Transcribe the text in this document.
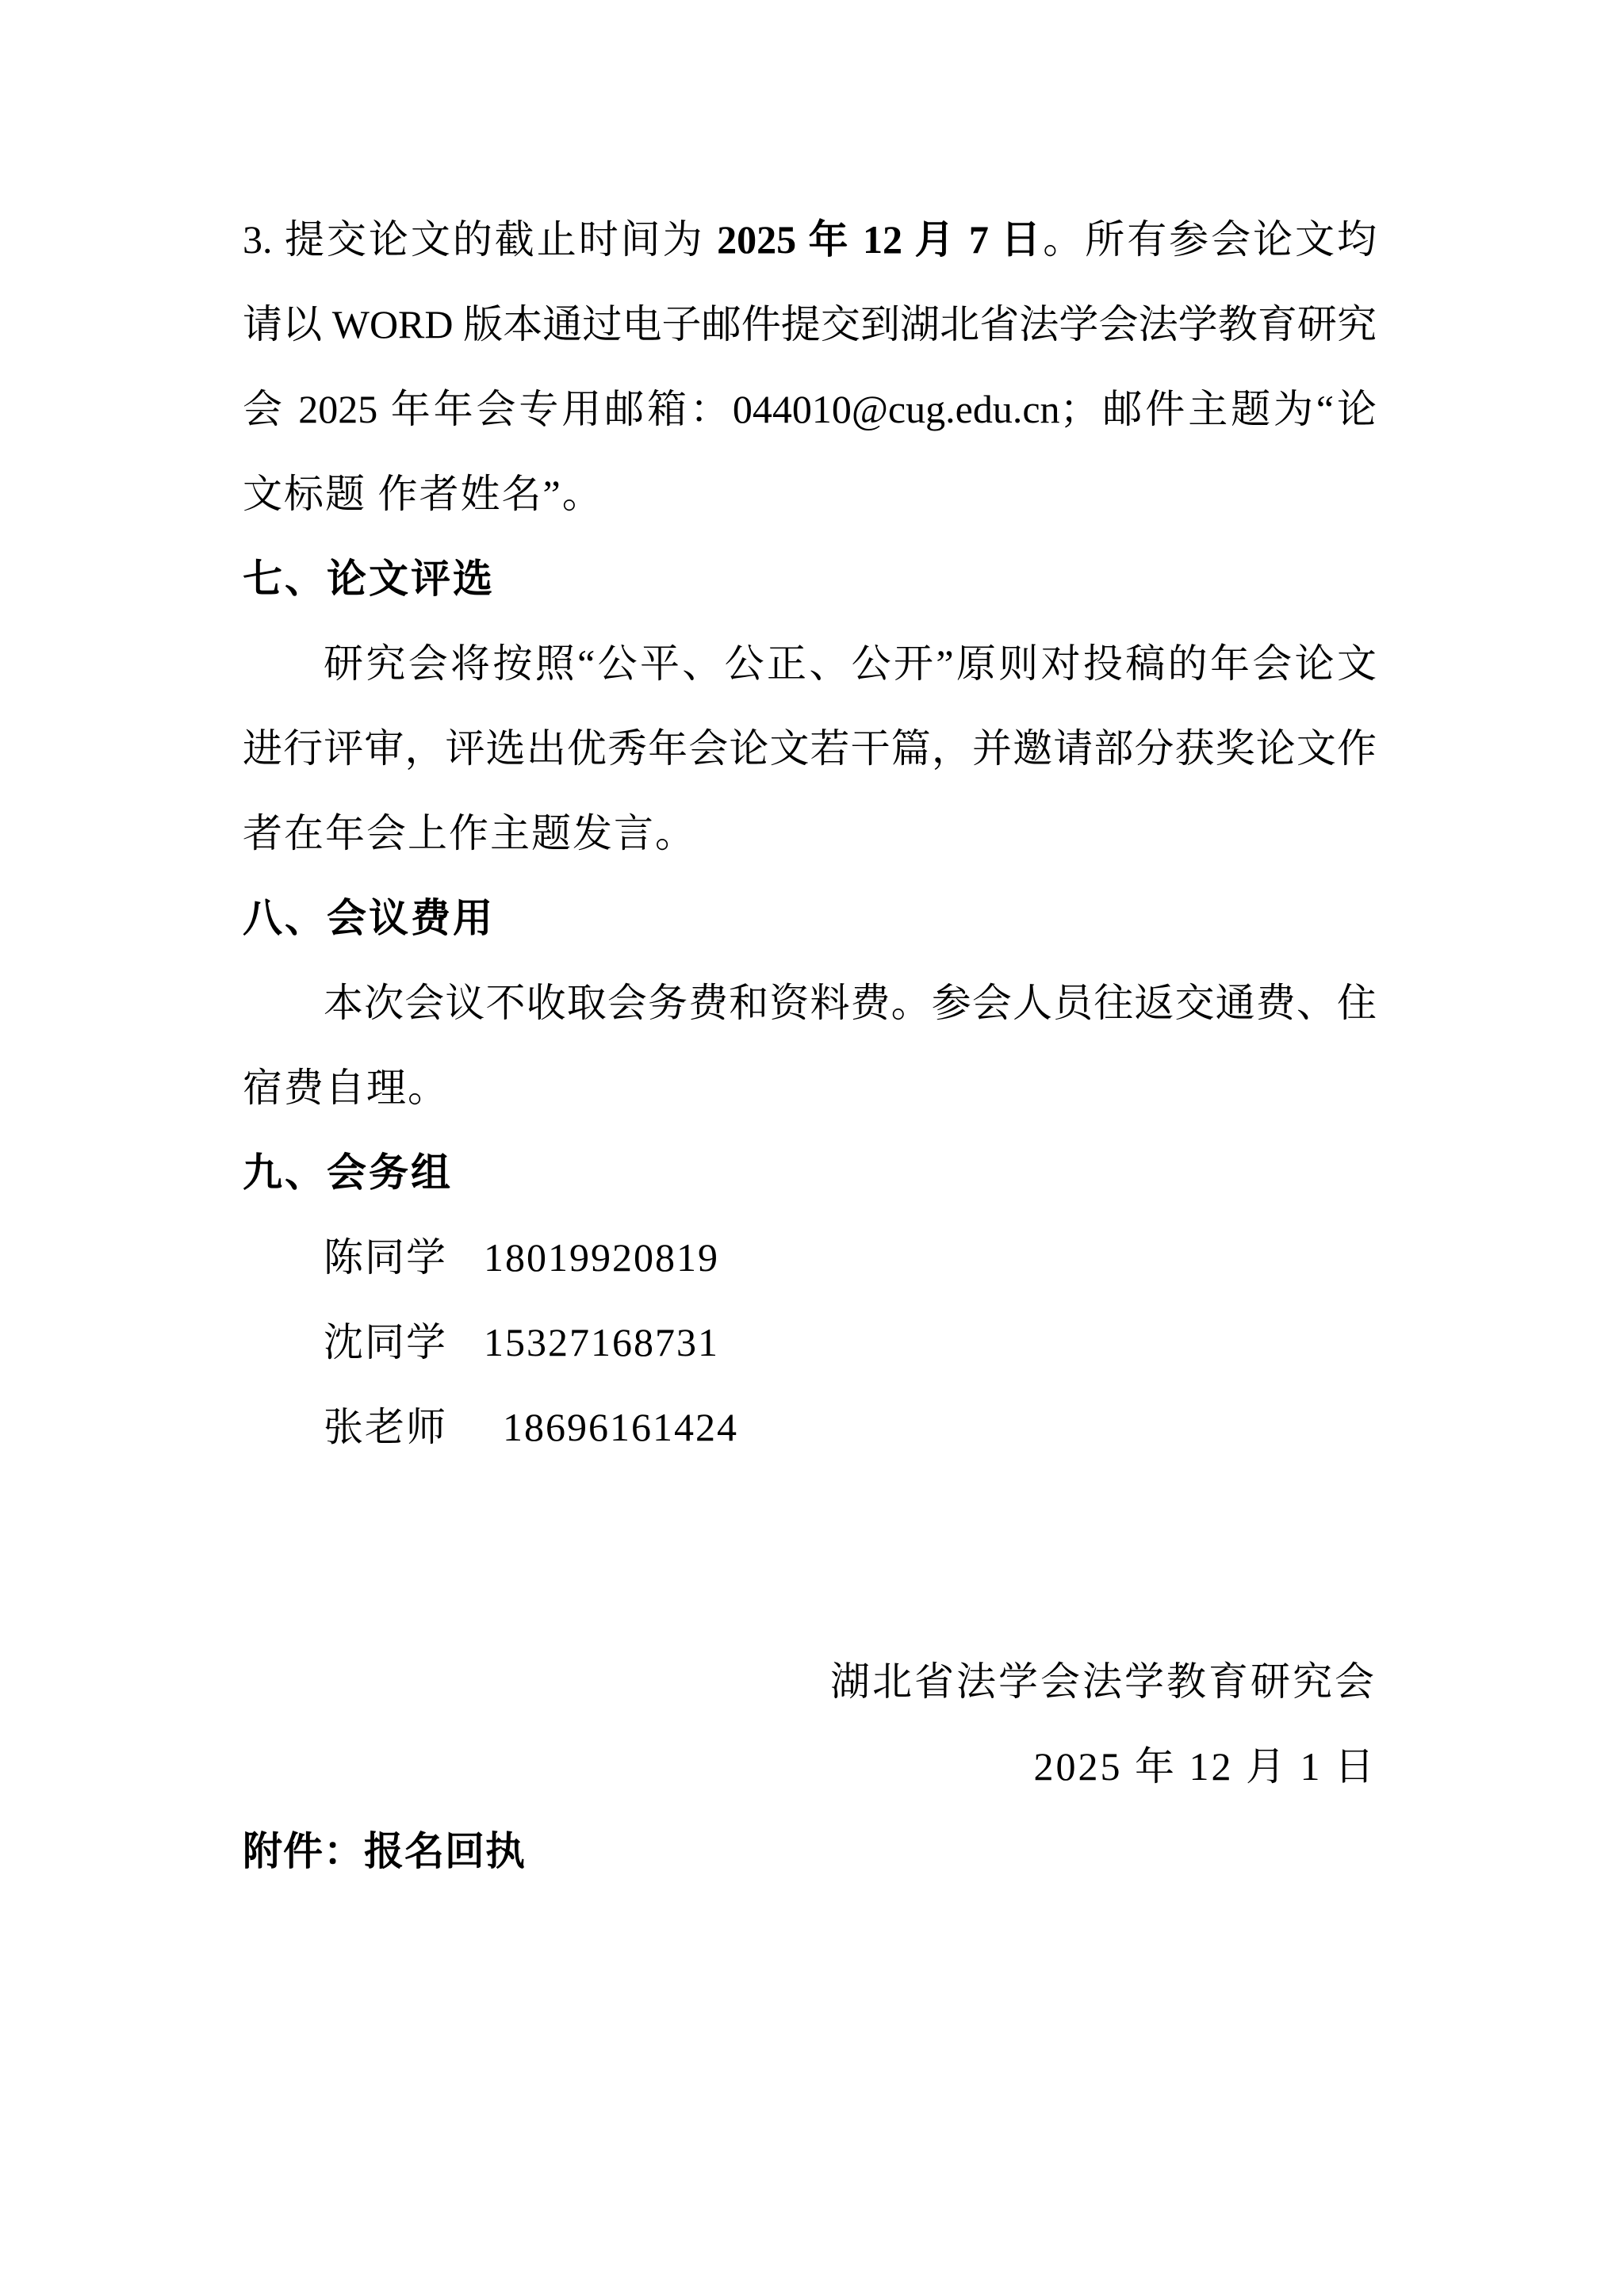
3. 提交论文的截止时间为 2025 年 12 月 7 日。所有参会论文均
请以 WORD 版本通过电子邮件提交到湖北省法学会法学教育研究
会 2025 年年会专用邮箱：044010@cug.edu.cn；邮件主题为“论
文标题 作者姓名”。
七、论文评选
研究会将按照“公平、公正、公开”原则对投稿的年会论文
进行评审，评选出优秀年会论文若干篇，并邀请部分获奖论文作
者在年会上作主题发言。
八、会议费用
本次会议不收取会务费和资料费。参会人员往返交通费、住
宿费自理。
九、会务组
陈同学 18019920819
沈同学 15327168731
张老师 18696161424
湖北省法学会法学教育研究会
2025 年 12 月 1 日
附件：报名回执
